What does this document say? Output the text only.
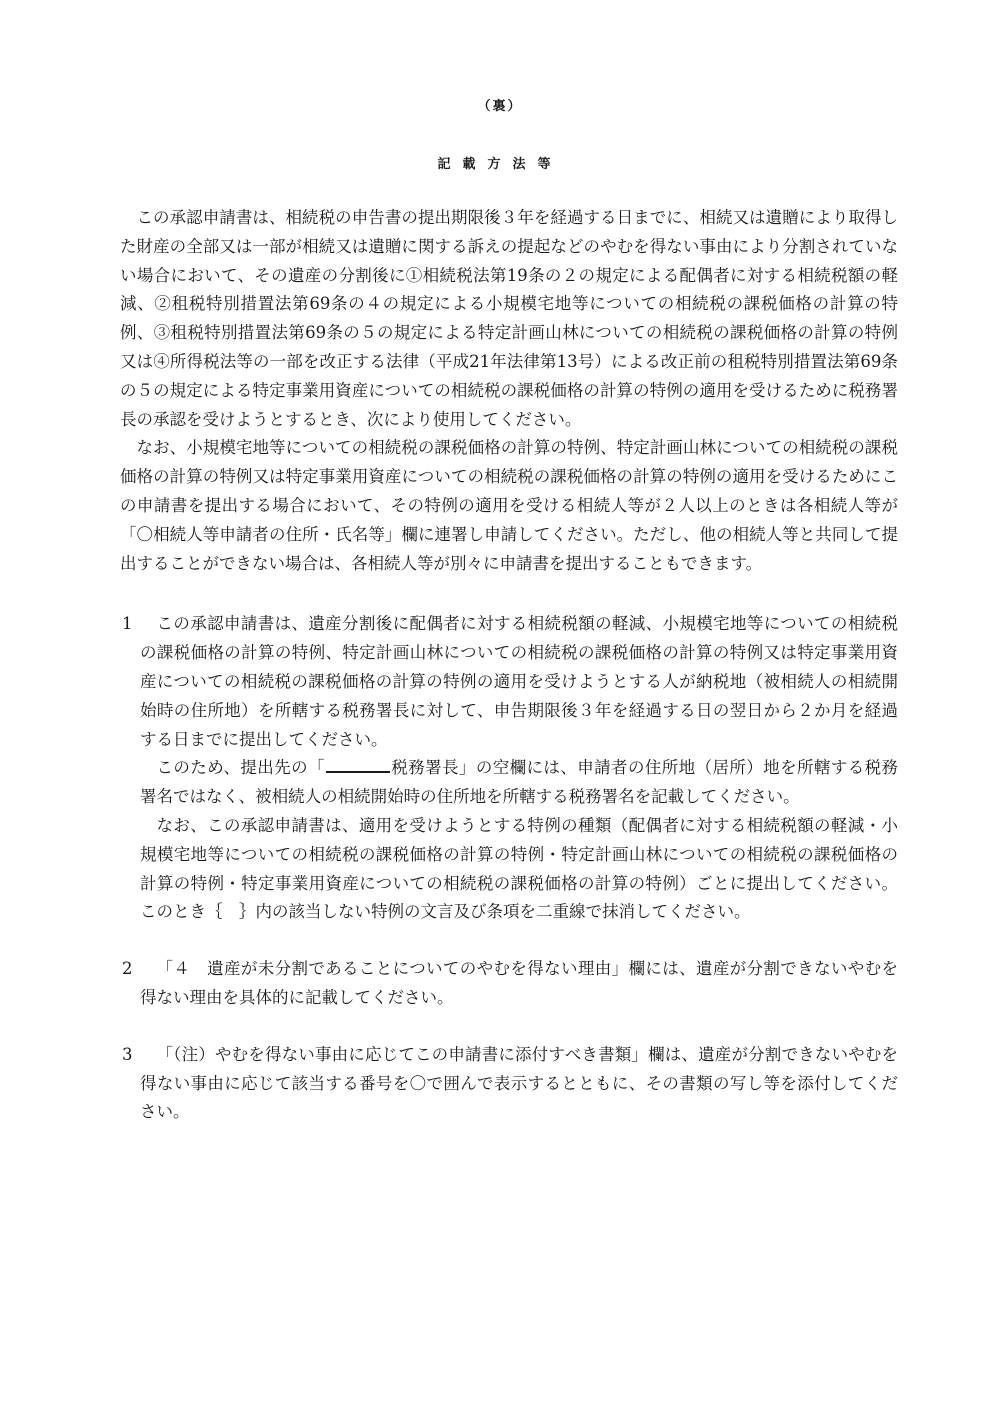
（裏）
記載方法等

この承認申請書は、相続税の申告書の提出期限後３年を経過する日までに、相続又は遺贈により取得した財産の全部又は一部が相続又は遺贈に関する訴えの提起などのやむを得ない事由により分割されていない場合において、その遺産の分割後に①相続税法第19条の２の規定による配偶者に対する相続税額の軽減、②租税特別措置法第69条の４の規定による小規模宅地等についての相続税の課税価格の計算の特例、③租税特別措置法第69条の５の規定による特定計画山林についての相続税の課税価格の計算の特例又は④所得税法等の一部を改正する法律（平成21年法律第13号）による改正前の租税特別措置法第69条の５の規定による特定事業用資産についての相続税の課税価格の計算の特例の適用を受けるために税務署長の承認を受けようとするとき、次により使用してください。

なお、小規模宅地等についての相続税の課税価格の計算の特例、特定計画山林についての相続税の課税価格の計算の特例又は特定事業用資産についての相続税の課税価格の計算の特例の適用を受けるためにこの申請書を提出する場合において、その特例の適用を受ける相続人等が２人以上のときは各相続人等が「〇相続人等申請者の住所・氏名等」欄に連署し申請してください。ただし、他の相続人等と共同して提出することができない場合は、各相続人等が別々に申請書を提出することもできます。

1	この承認申請書は、遺産分割後に配偶者に対する相続税額の軽減、小規模宅地等についての相続税の課税価格の計算の特例、特定計画山林についての相続税の課税価格の計算の特例又は特定事業用資産についての相続税の課税価格の計算の特例の適用を受けようとする人が納税地（被相続人の相続開始時の住所地）を所轄する税務署長に対して、申告期限後３年を経過する日の翌日から２か月を経過する日までに提出してください。

このため、提出先の「	税務署長」の空欄には、申請者の住所地（居所）地を所轄する税務署名ではなく、被相続人の相続開始時の住所地を所轄する税務署名を記載してください。

なお、この承認申請書は、適用を受けようとする特例の種類（配偶者に対する相続税額の軽減・小規模宅地等についての相続税の課税価格の計算の特例・特定計画山林についての相続税の課税価格の計算の特例・特定事業用資産についての相続税の課税価格の計算の特例）ごとに提出してください。このとき｛　｝内の該当しない特例の文言及び条項を二重線で抹消してください。

2	「４　遺産が未分割であることについてのやむを得ない理由」欄には、遺産が分割できないやむを得ない理由を具体的に記載してください。

3	「（注）やむを得ない事由に応じてこの申請書に添付すべき書類」欄は、遺産が分割できないやむを得ない事由に応じて該当する番号を〇で囲んで表示するとともに、その書類の写し等を添付してください。
